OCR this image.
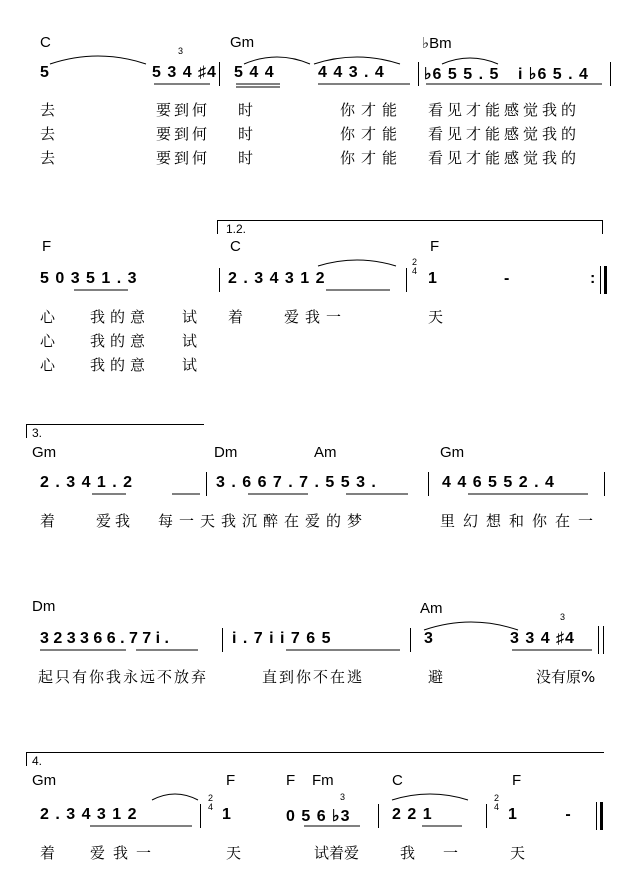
C	Gm	♭Bm
3
5	5 3 4 ♯4 5 4 4	4 4 3 . 4 ♭6 5 5 . 5 i ♭6 5 . 4
去	要到何 时	你才能 看见才能感觉我的
去	要到何 时	你才能 看见才能感觉我的
去	要到何 时	你才能 看见才能感觉我的
1.2.
F	C	F
5 0 3 5 1 . 3	2 . 3 4 3 1 2
2
4 1	-	:
心 我的意 试 着	爱我一	天
心 我的意 试
心 我的意 试
3.
Gm	Dm	Am	Gm
2 . 3 4 1 . 2	3 . 6 6 7 . 7 . 5 5 3 .	4 4 6 5 5 2 . 4
着	爱我 每一天我沉醉在爱的梦	里幻想和你在一
Dm	Am	3
3 2 3 3 6 6 . 7 7 i .	i . 7 i i 7 6 5	3	3 3 4 ♯4
起只有你我永远不放弃	直到你不在逃	避	没有原%
4.
Gm	F	F Fm	C	F
3
2 . 3 4 3 1 2
2
4 1	0 5 6 ♭3	2 2 1
2
4 1 -
着 爱我一	天	试着爱	我一 天
